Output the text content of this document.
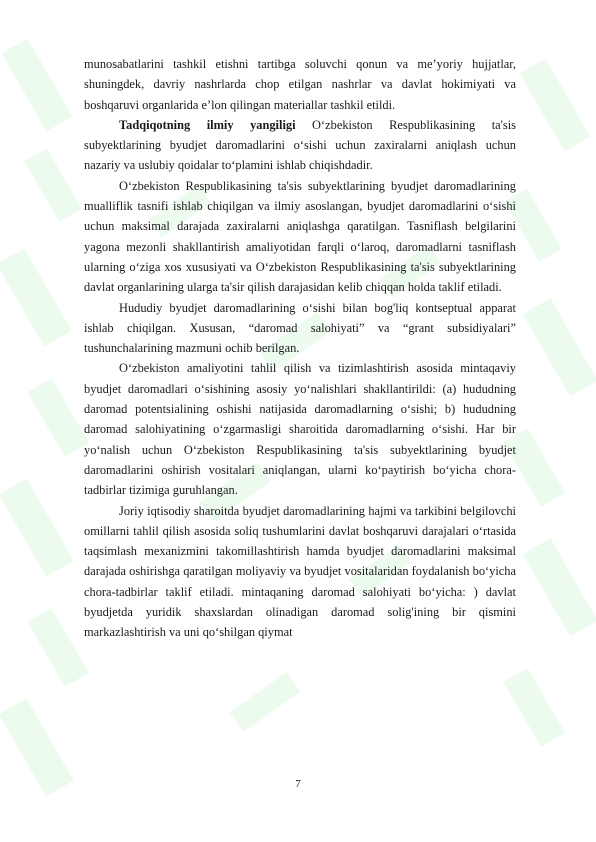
munosabatlarini tashkil etishni tartibga soluvchi qonun va me’yoriy hujjatlar, shuningdek, davriy nashrlarda chop etilgan nashrlar va davlat hokimiyati va boshqaruvi organlarida e’lon qilingan materiallar tashkil etildi.

Tadqiqotning ilmiy yangiligi O‘zbekiston Respublikasining ta'sis subyektlarining byudjet daromadlarini o‘sishi uchun zaxiralarni aniqlash uchun nazariy va uslubiy qoidalar to‘plamini ishlab chiqishdadir.

O‘zbekiston Respublikasining ta'sis subyektlarining byudjet daromadlarining mualliflik tasnifi ishlab chiqilgan va ilmiy asoslangan, byudjet daromadlarini o‘sishi uchun maksimal darajada zaxiralarni aniqlashga qaratilgan. Tasniflash belgilarini yagona mezonli shakllantirish amaliyotidan farqli o‘laroq, daromadlarni tasniflash ularning o‘ziga xos xususiyati va O‘zbekiston Respublikasining ta'sis subyektlarining davlat organlarining ularga ta'sir qilish darajasidan kelib chiqqan holda taklif etiladi.

Hududiy byudjet daromadlarining o‘sishi bilan bog'liq kontseptual apparat ishlab chiqilgan. Xususan, “daromad salohiyati” va “grant subsidiyalari” tushunchalarining mazmuni ochib berilgan.

O‘zbekiston amaliyotini tahlil qilish va tizimlashtirish asosida mintaqaviy byudjet daromadlari o‘sishining asosiy yo‘nalishlari shakllantirildi: (a) hududning daromad potentsialining oshishi natijasida daromadlarning o‘sishi; b) hududning daromad salohiyatining o‘zgarmasligi sharoitida daromadlarning o‘sishi. Har bir yo‘nalish uchun O‘zbekiston Respublikasining ta'sis subyektlarining byudjet daromadlarini oshirish vositalari aniqlangan, ularni ko‘paytirish bo‘yicha chora-tadbirlar tizimiga guruhlangan.

Joriy iqtisodiy sharoitda byudjet daromadlarining hajmi va tarkibini belgilovchi omillarni tahlil qilish asosida soliq tushumlarini davlat boshqaruvi darajalari o‘rtasida taqsimlash mexanizmini takomillashtirish hamda byudjet daromadlarini maksimal darajada oshirishga qaratilgan moliyaviy va byudjet vositalaridan foydalanish bo‘yicha chora-tadbirlar taklif etiladi. mintaqaning daromad salohiyati bo‘yicha: ) davlat byudjetda yuridik shaxslardan olinadigan daromad solig'ining bir qismini markazlashtirish va uni qo‘shilgan qiymat

7
